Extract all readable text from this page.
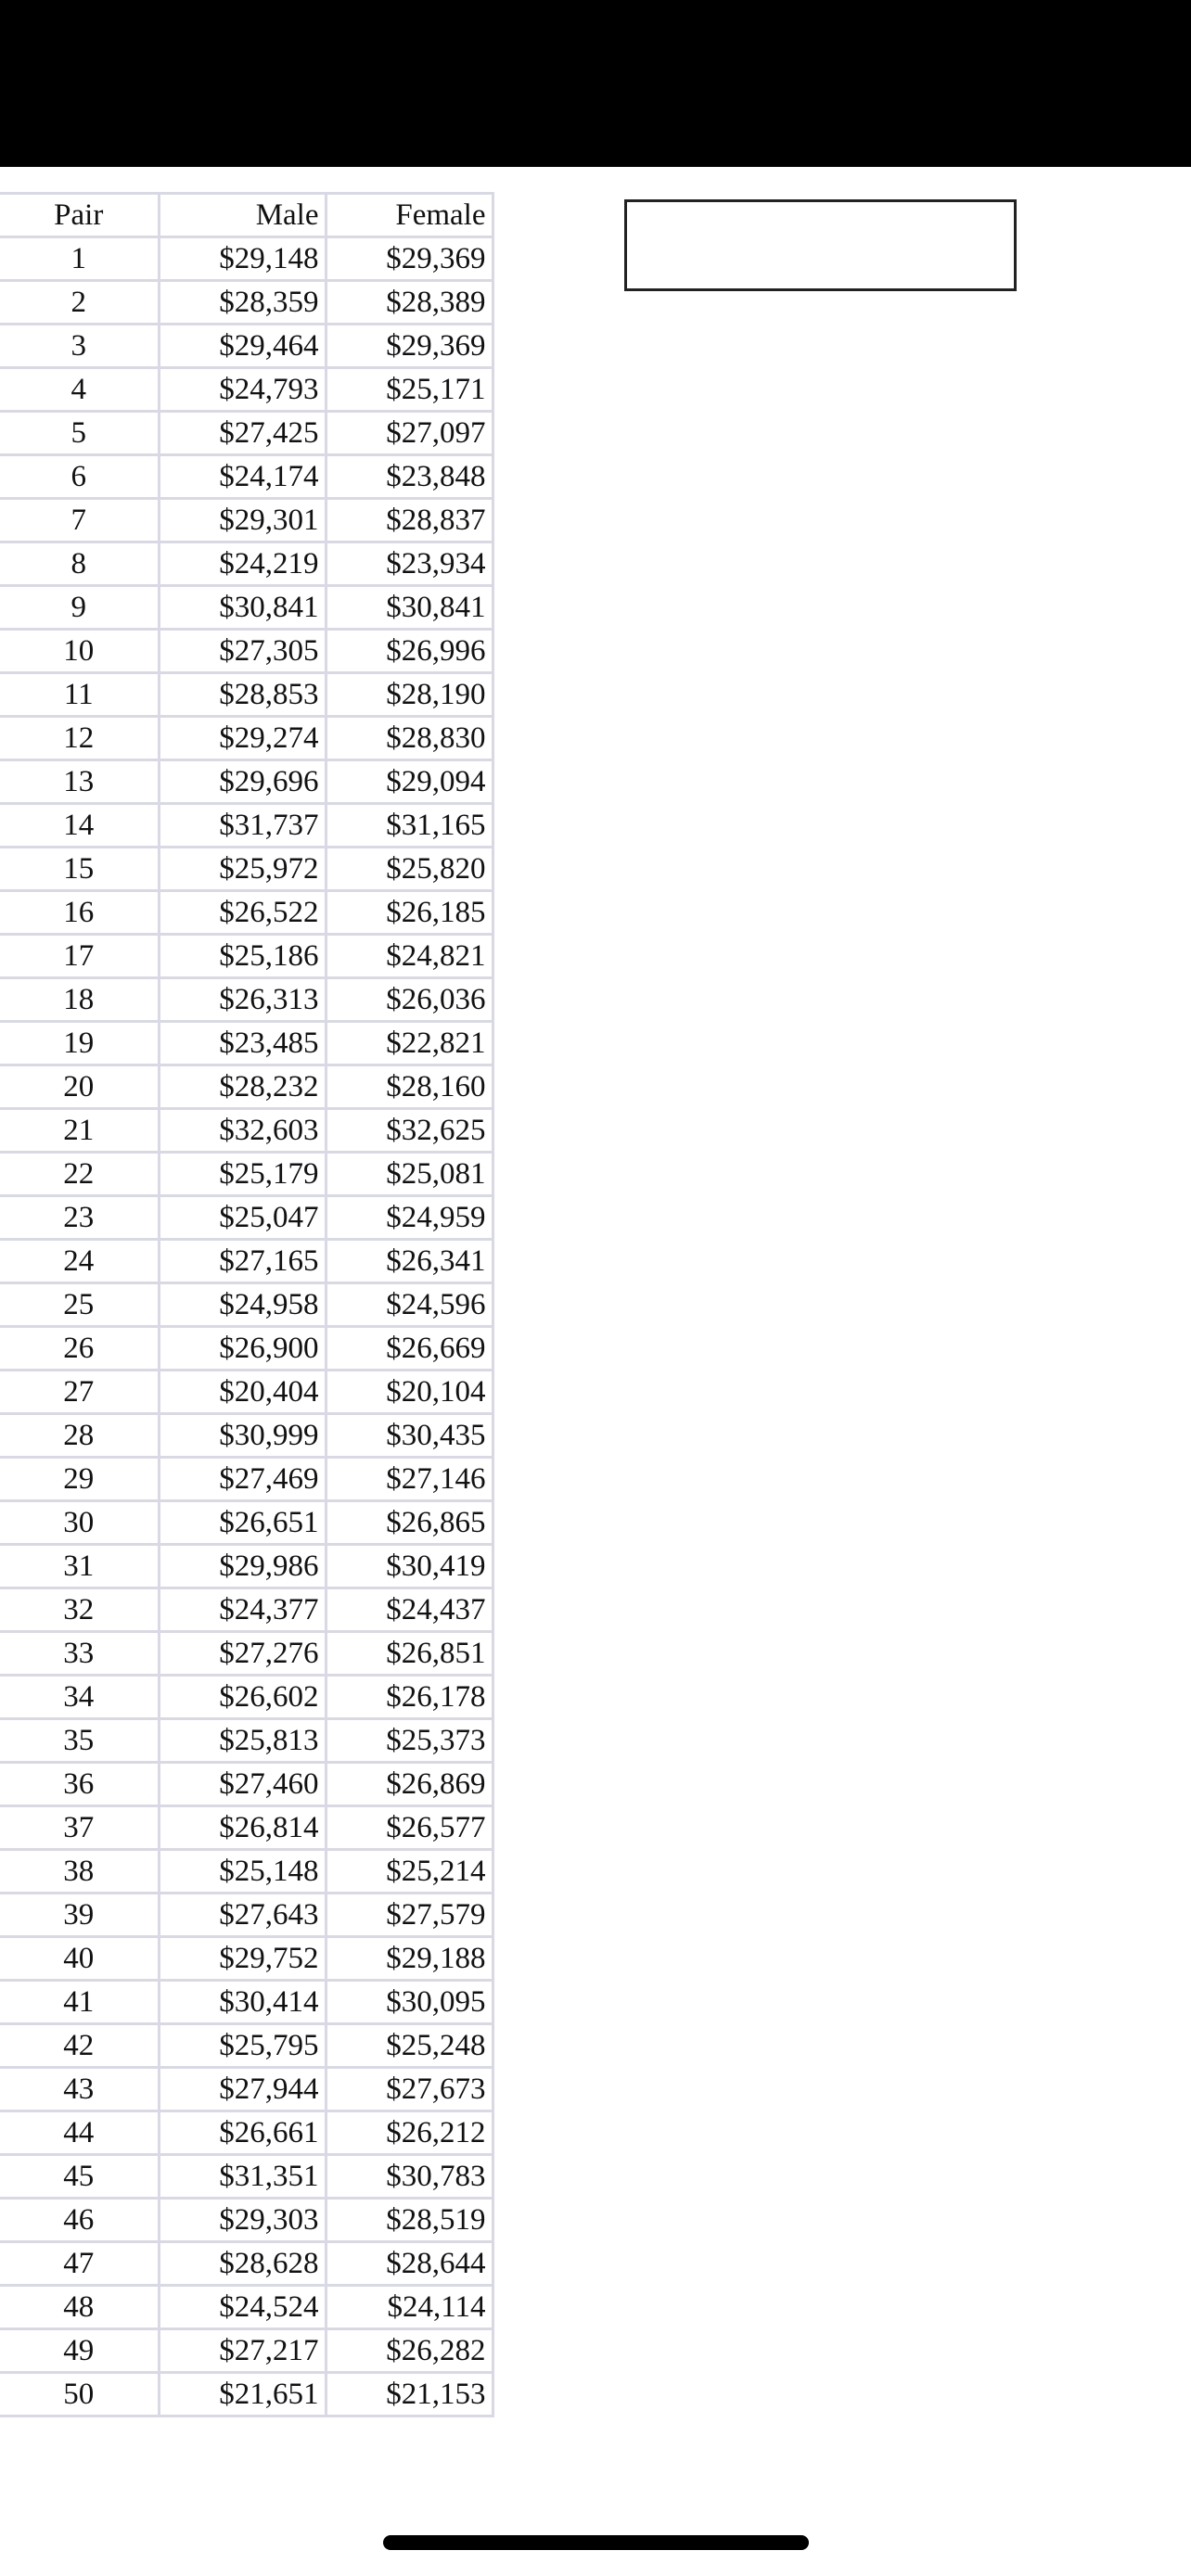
Pair	Male	Female
1	$29,148	$29,369
2	$28,359	$28,389
3	$29,464	$29,369
4	$24,793	$25,171
5	$27,425	$27,097
6	$24,174	$23,848
7	$29,301	$28,837
8	$24,219	$23,934
9	$30,841	$30,841
10	$27,305	$26,996
11	$28,853	$28,190
12	$29,274	$28,830
13	$29,696	$29,094
14	$31,737	$31,165
15	$25,972	$25,820
16	$26,522	$26,185
17	$25,186	$24,821
18	$26,313	$26,036
19	$23,485	$22,821
20	$28,232	$28,160
21	$32,603	$32,625
22	$25,179	$25,081
23	$25,047	$24,959
24	$27,165	$26,341
25	$24,958	$24,596
26	$26,900	$26,669
27	$20,404	$20,104
28	$30,999	$30,435
29	$27,469	$27,146
30	$26,651	$26,865
31	$29,986	$30,419
32	$24,377	$24,437
33	$27,276	$26,851
34	$26,602	$26,178
35	$25,813	$25,373
36	$27,460	$26,869
37	$26,814	$26,577
38	$25,148	$25,214
39	$27,643	$27,579
40	$29,752	$29,188
41	$30,414	$30,095
42	$25,795	$25,248
43	$27,944	$27,673
44	$26,661	$26,212
45	$31,351	$30,783
46	$29,303	$28,519
47	$28,628	$28,644
48	$24,524	$24,114
49	$27,217	$26,282
50	$21,651	$21,153
